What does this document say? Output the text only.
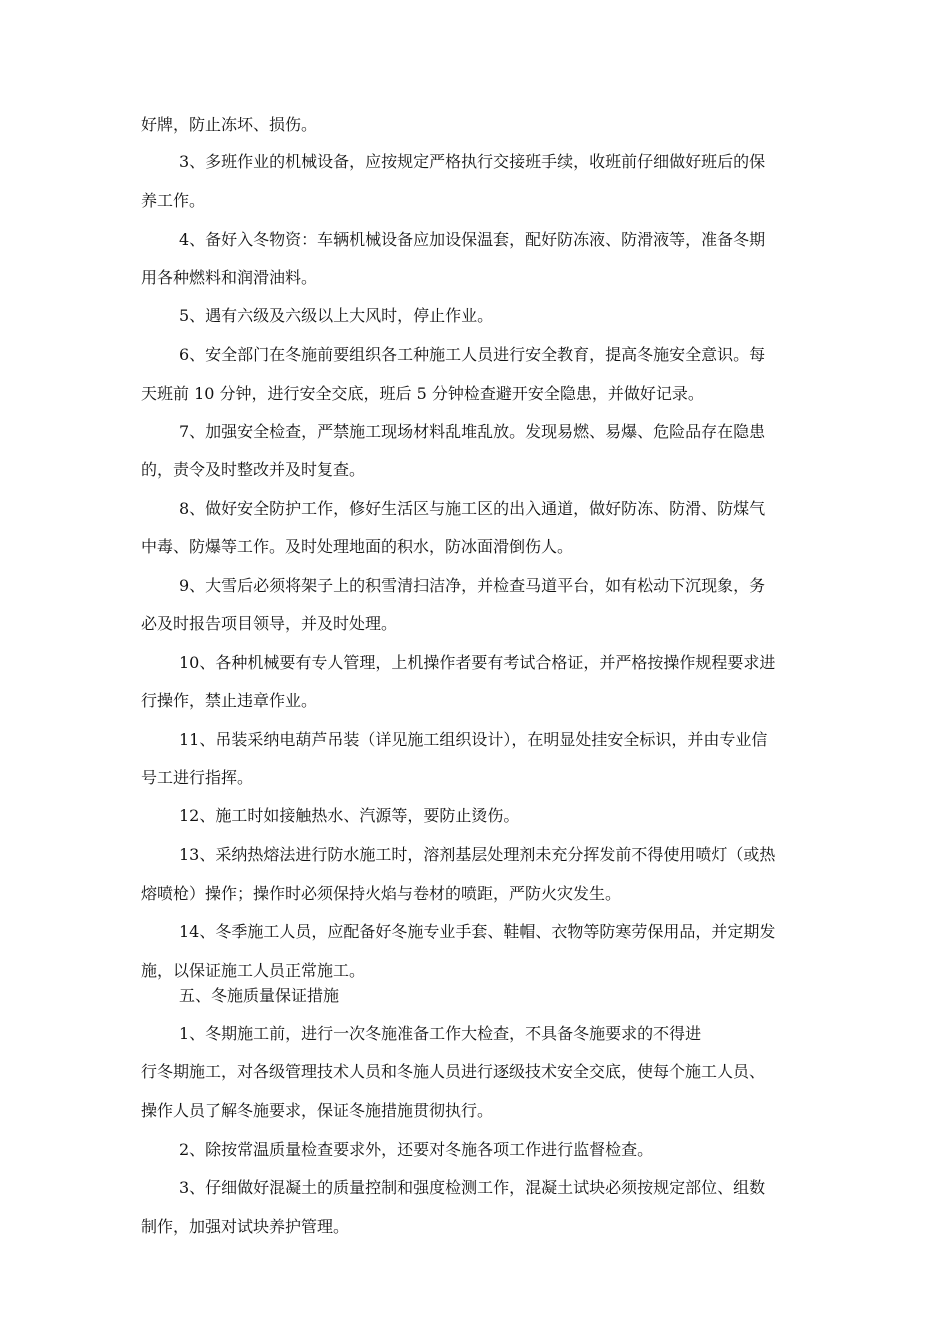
好牌，防止冻坏、损伤。
3、多班作业的机械设备，应按规定严格执行交接班手续，收班前仔细做好班后的保
养工作。
4、备好入冬物资：车辆机械设备应加设保温套，配好防冻液、防滑液等，准备冬期
用各种燃料和润滑油料。
5、遇有六级及六级以上大风时，停止作业。
6、安全部门在冬施前要组织各工种施工人员进行安全教育，提高冬施安全意识。每
天班前 10 分钟，进行安全交底，班后 5 分钟检查避开安全隐患，并做好记录。
7、加强安全检查，严禁施工现场材料乱堆乱放。发现易燃、易爆、危险品存在隐患
的，责令及时整改并及时复查。
8、做好安全防护工作，修好生活区与施工区的出入通道，做好防冻、防滑、防煤气
中毒、防爆等工作。及时处理地面的积水，防冰面滑倒伤人。
9、大雪后必须将架子上的积雪清扫洁净，并检查马道平台，如有松动下沉现象，务
必及时报告项目领导，并及时处理。
10、各种机械要有专人管理，上机操作者要有考试合格证，并严格按操作规程要求进
行操作，禁止违章作业。
11、吊装采纳电葫芦吊装（详见施工组织设计），在明显处挂安全标识，并由专业信
号工进行指挥。
12、施工时如接触热水、汽源等，要防止烫伤。
13、采纳热熔法进行防水施工时，溶剂基层处理剂未充分挥发前不得使用喷灯（或热
熔喷枪）操作；操作时必须保持火焰与卷材的喷距，严防火灾发生。
14、冬季施工人员，应配备好冬施专业手套、鞋帽、衣物等防寒劳保用品，并定期发
施，以保证施工人员正常施工。
五、冬施质量保证措施
1、冬期施工前，进行一次冬施准备工作大检查，不具备冬施要求的不得进
行冬期施工，对各级管理技术人员和冬施人员进行逐级技术安全交底，使每个施工人员、
操作人员了解冬施要求，保证冬施措施贯彻执行。
2、除按常温质量检查要求外，还要对冬施各项工作进行监督检查。
3、仔细做好混凝土的质量控制和强度检测工作，混凝土试块必须按规定部位、组数
制作，加强对试块养护管理。
